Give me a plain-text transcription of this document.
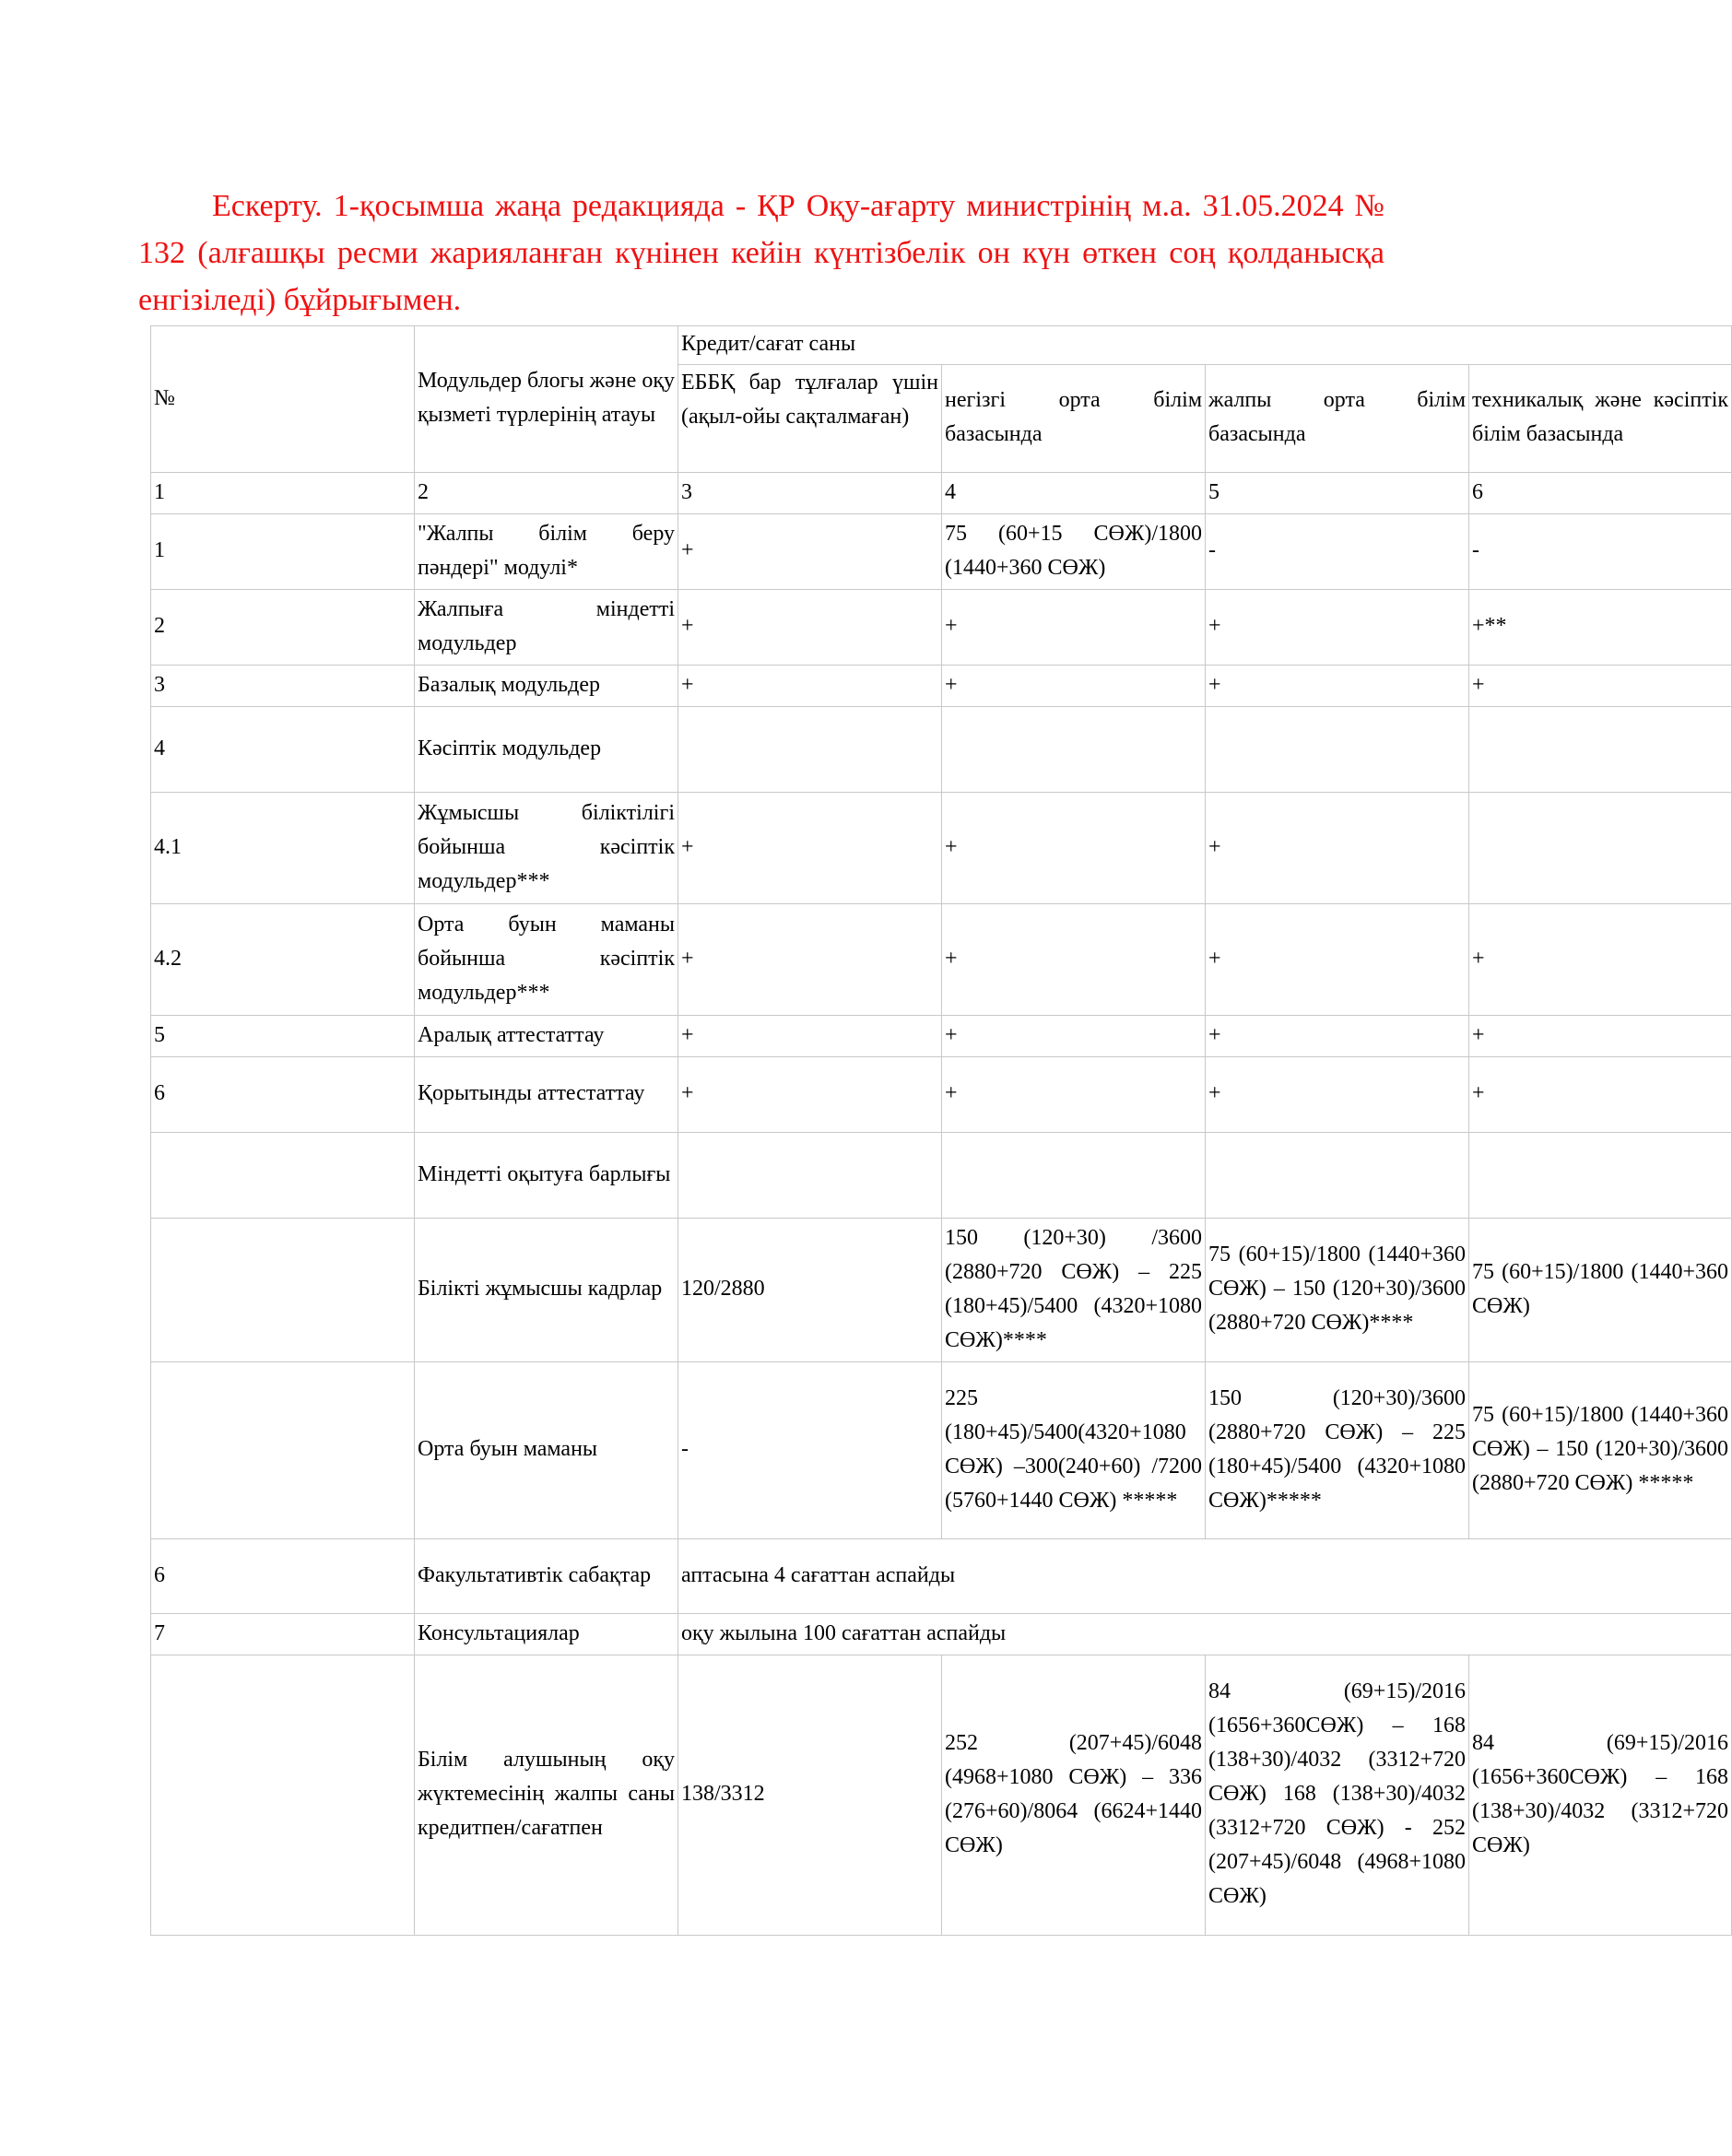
Ескерту. 1-қосымша жаңа редакцияда - ҚР Оқу-ағарту министрінің м.а. 31.05.2024 № 132 (алғашқы ресми жарияланған күнінен кейін күнтізбелік он күн өткен соң қолданысқа енгізіледі) бұйрығымен.

№	Модульдер блогы және оқу қызметі түрлерінің атауы	Кредит/сағат саны			
		ЕББҚ бар тұлғалар үшін (ақыл-ойы сақталмаған)	негізгі орта білім базасында	жалпы орта білім базасында	техникалық және кәсіптік білім базасында
1	2	3	4	5	6
1	"Жалпы білім беру пәндері" модулі*	+	75 (60+15 СӨЖ)/1800 (1440+360 СӨЖ)	-	-
2	Жалпыға міндетті модульдер	+	+	+	+**
3	Базалық модульдер	+	+	+	+
4	Кәсіптік модульдер				
4.1	Жұмысшы біліктілігі бойынша кәсіптік модульдер***	+	+	+	
4.2	Орта буын маманы бойынша кәсіптік модульдер***	+	+	+	+
5	Аралық аттестаттау	+	+	+	+
6	Қорытынды аттестаттау	+	+	+	+
	Міндетті оқытуға барлығы				
	Білікті жұмысшы кадрлар	120/2880	150 (120+30) /3600 (2880+720 СӨЖ) – 225 (180+45)/5400 (4320+1080 СӨЖ)****	75 (60+15)/1800 (1440+360 СӨЖ) – 150 (120+30)/3600 (2880+720 СӨЖ)****	75 (60+15)/1800 (1440+360 СӨЖ)
	Орта буын маманы	-	225 (180+45)/5400(4320+1080 СӨЖ) –300(240+60) /7200 (5760+1440 СӨЖ) *****	150 (120+30)/3600 (2880+720 СӨЖ) – 225 (180+45)/5400 (4320+1080 СӨЖ)*****	75 (60+15)/1800 (1440+360 СӨЖ) – 150 (120+30)/3600 (2880+720 СӨЖ) *****
6	Факультативтік сабақтар	аптасына 4 сағаттан аспайды			
7	Консультациялар	оқу жылына 100 сағаттан аспайды			
	Білім алушының оқу жүктемесінің жалпы саны кредитпен/сағатпен	138/3312	252 (207+45)/6048 (4968+1080 СӨЖ) – 336 (276+60)/8064 (6624+1440 СӨЖ)	84 (69+15)/2016 (1656+360СӨЖ) – 168 (138+30)/4032 (3312+720 СӨЖ) 168 (138+30)/4032 (3312+720 СӨЖ) - 252 (207+45)/6048 (4968+1080 СӨЖ)	84 (69+15)/2016 (1656+360СӨЖ) – 168 (138+30)/4032 (3312+720 СӨЖ)
